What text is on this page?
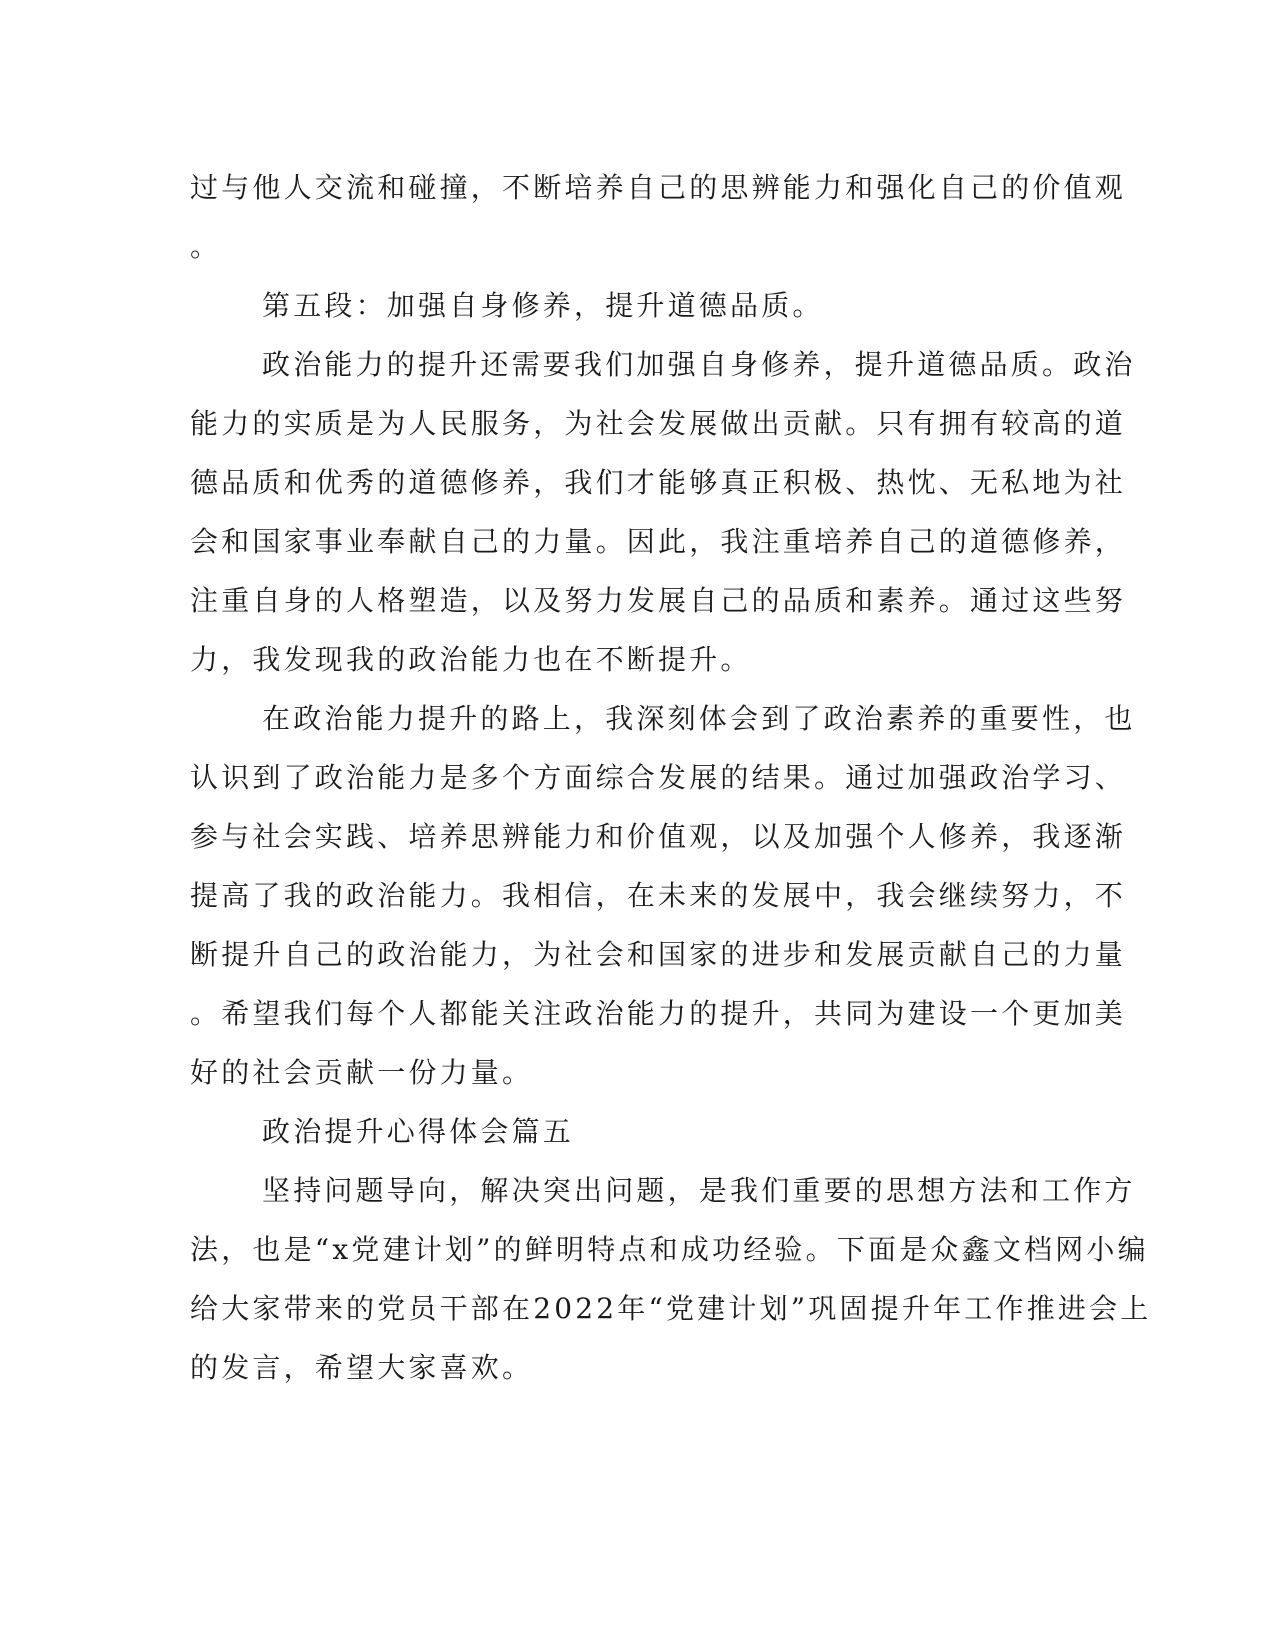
过与他人交流和碰撞，不断培养自己的思辨能力和强化自己的价值观
。
第五段：加强自身修养，提升道德品质。
政治能力的提升还需要我们加强自身修养，提升道德品质。政治
能力的实质是为人民服务，为社会发展做出贡献。只有拥有较高的道
德品质和优秀的道德修养，我们才能够真正积极、热忱、无私地为社
会和国家事业奉献自己的力量。因此，我注重培养自己的道德修养，
注重自身的人格塑造，以及努力发展自己的品质和素养。通过这些努
力，我发现我的政治能力也在不断提升。
在政治能力提升的路上，我深刻体会到了政治素养的重要性，也
认识到了政治能力是多个方面综合发展的结果。通过加强政治学习、
参与社会实践、培养思辨能力和价值观，以及加强个人修养，我逐渐
提高了我的政治能力。我相信，在未来的发展中，我会继续努力，不
断提升自己的政治能力，为社会和国家的进步和发展贡献自己的力量
。希望我们每个人都能关注政治能力的提升，共同为建设一个更加美
好的社会贡献一份力量。
政治提升心得体会篇五
坚持问题导向，解决突出问题，是我们重要的思想方法和工作方
法，也是“x党建计划”的鲜明特点和成功经验。下面是众鑫文档网小编
给大家带来的党员干部在2022年“党建计划”巩固提升年工作推进会上
的发言，希望大家喜欢。
